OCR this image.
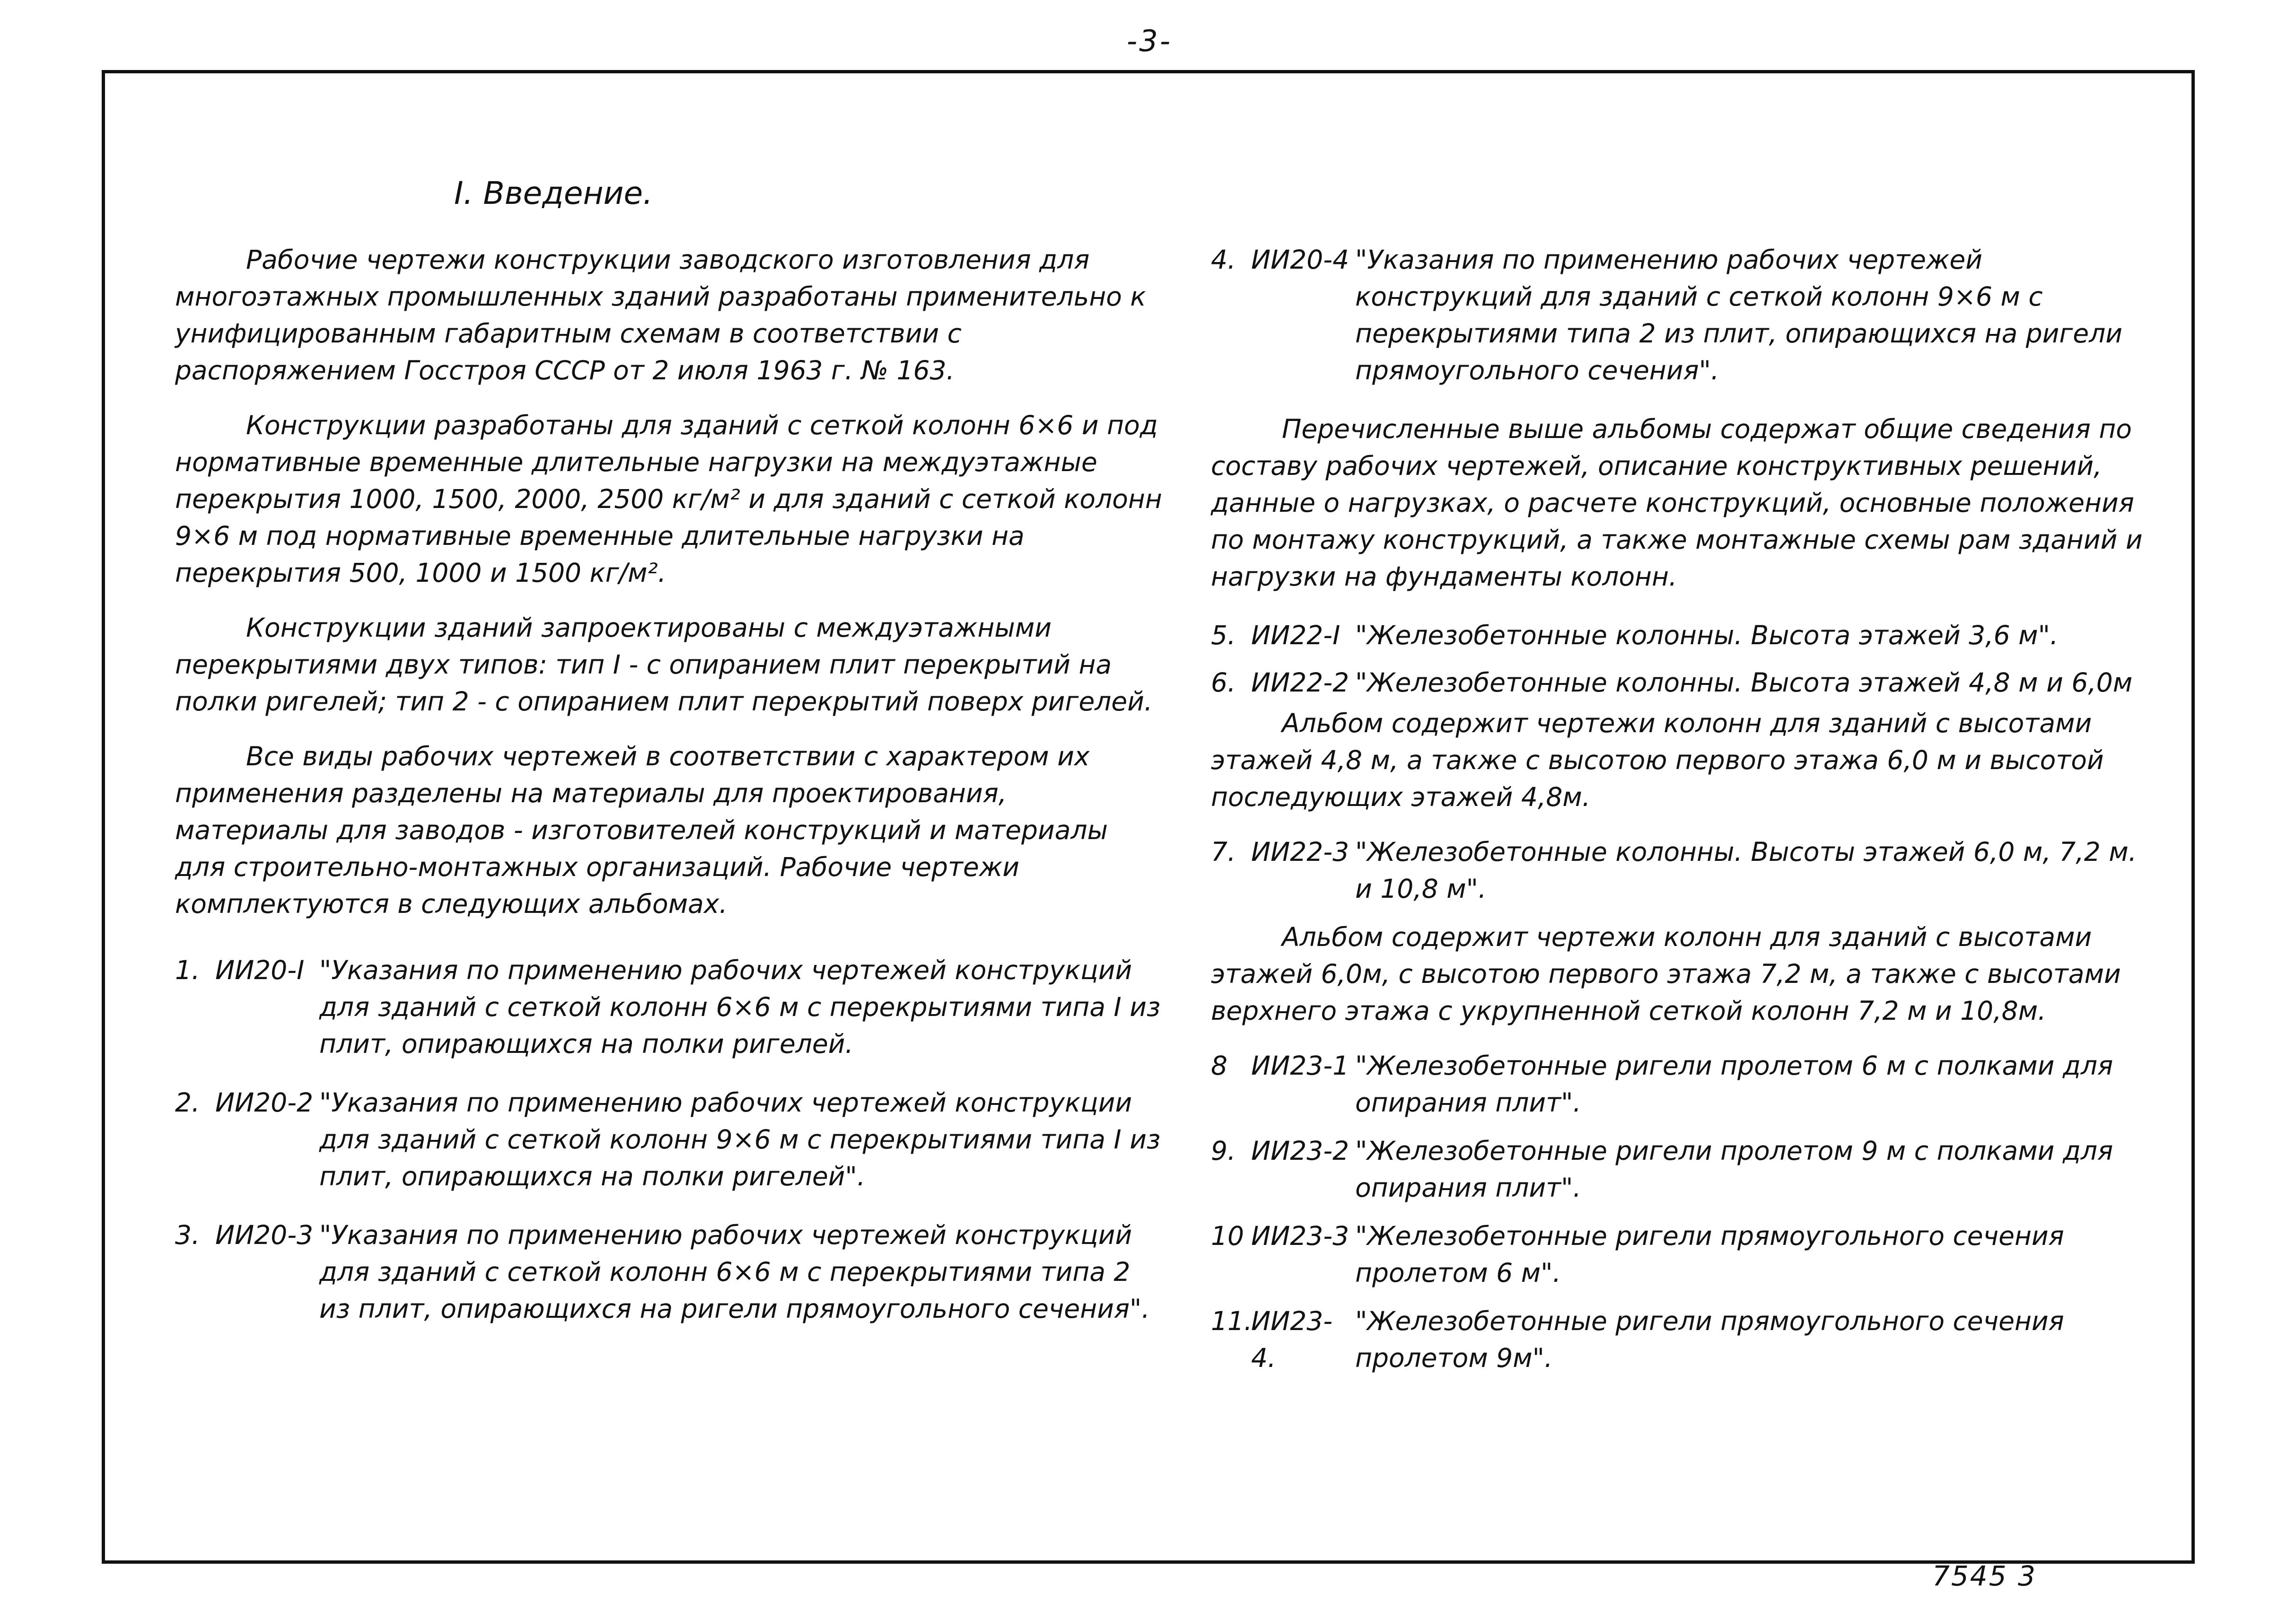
-3-
I. Введение.

Рабочие чертежи конструкции заводского изготовления для многоэтажных промышленных зданий разработаны применительно к унифицированным габаритным схемам в соответствии с распоряжением Госстроя СССР от 2 июля 1963 г. № 163.

Конструкции разработаны для зданий с сеткой колонн 6×6 и под нормативные временные длительные нагрузки на междуэтажные перекрытия 1000, 1500, 2000, 2500 кг/м² и для зданий с сеткой колонн 9×6 м под нормативные временные длительные нагрузки на перекрытия 500, 1000 и 1500 кг/м².

Конструкции зданий запроектированы с междуэтажными перекрытиями двух типов: тип I - с опиранием плит перекрытий на полки ригелей; тип 2 - с опиранием плит перекрытий поверх ригелей.

Все виды рабочих чертежей в соответствии с характером их применения разделены на материалы для проектирования, материалы для заводов - изготовителей конструкций и материалы для строительно-монтажных организаций. Рабочие чертежи комплектуются в следующих альбомах.

1. ИИ20-I "Указания по применению рабочих чертежей конструкций для зданий с сеткой колонн 6×6 м с перекрытиями типа I из плит, опирающихся на полки ригелей.
2. ИИ20-2 "Указания по применению рабочих чертежей конструкции для зданий с сеткой колонн 9×6 м с перекрытиями типа I из плит, опирающихся на полки ригелей".
3. ИИ20-3 "Указания по применению рабочих чертежей конструкций для зданий с сеткой колонн 6×6 м с перекрытиями типа 2 из плит, опирающихся на ригели прямоугольного сечения".
4. ИИ20-4 "Указания по применению рабочих чертежей конструкций для зданий с сеткой колонн 9×6 м с перекрытиями типа 2 из плит, опирающихся на ригели прямоугольного сечения".

Перечисленные выше альбомы содержат общие сведения по составу рабочих чертежей, описание конструктивных решений, данные о нагрузках, о расчете конструкций, основные положения по монтажу конструкций, а также монтажные схемы рам зданий и нагрузки на фундаменты колонн.

5. ИИ22-I "Железобетонные колонны. Высота этажей 3,6 м".
6. ИИ22-2 "Железобетонные колонны. Высота этажей 4,8 м и 6,0м

Альбом содержит чертежи колонн для зданий с высотами этажей 4,8 м, а также с высотою первого этажа 6,0 м и высотой последующих этажей 4,8м.

7. ИИ22-3 "Железобетонные колонны. Высоты этажей 6,0 м, 7,2 м. и 10,8 м".

Альбом содержит чертежи колонн для зданий с высотами этажей 6,0м, с высотою первого этажа 7,2 м, а также с высотами верхнего этажа с укрупненной сеткой колонн 7,2 м и 10,8м.

8 ИИ23-1 "Железобетонные ригели пролетом 6 м с полками для опирания плит".
9. ИИ23-2 "Железобетонные ригели пролетом 9 м с полками для опирания плит".
10 ИИ23-3 "Железобетонные ригели прямоугольного сечения пролетом 6 м".
11.
ИИ23-4.
"Железобетонные ригели прямоугольного сечения пролетом 9м".
7545 3
